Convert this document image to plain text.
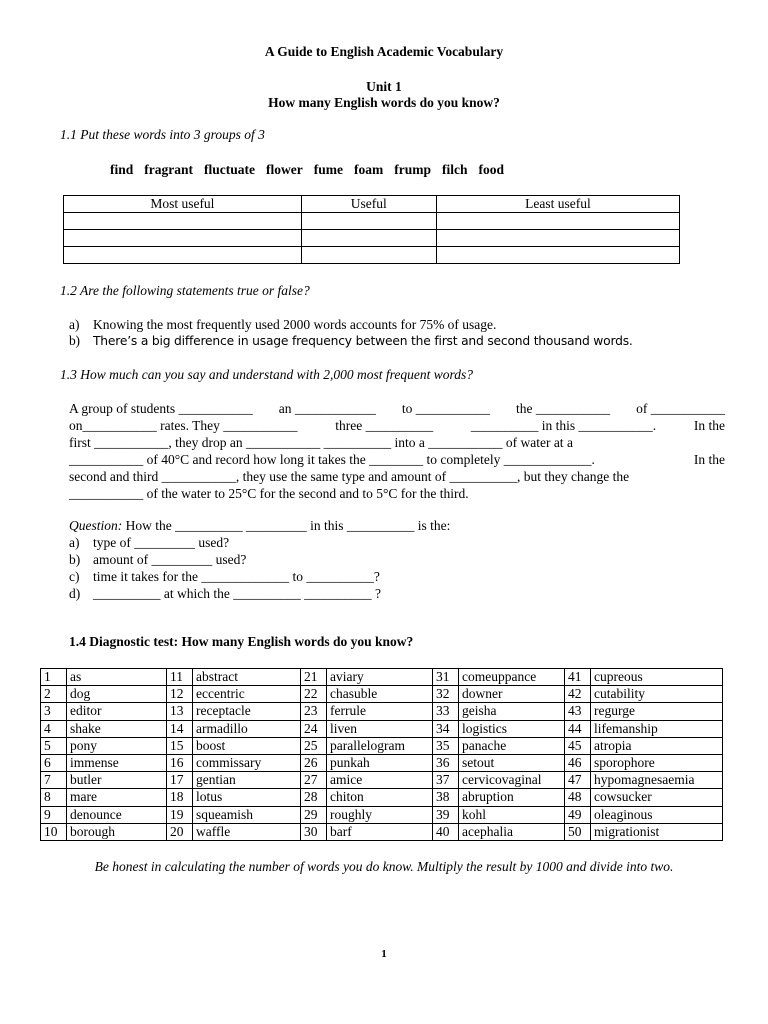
A Guide to English Academic Vocabulary
Unit 1
How many English words do you know?
1.1 Put these words into 3 groups of 3
find fragrant fluctuate flower fume foam frump filch food
Most useful	Useful	Least useful

1.2 Are the following statements true or false?
a) Knowing the most frequently used 2000 words accounts for 75% of usage.
b) There’s a big difference in usage frequency between the first and second thousand words.
1.3 How much can you say and understand with 2,000 most frequent words?
A group of students ___________ an ____________ to ___________ the ___________ of ___________
on___________ rates. They ___________	three __________	__________ in this ___________.	In the
first ___________, they drop an ___________ __________ into a ___________ of water at a
___________ of 40°C and record how long it takes the ________ to completely _____________.	In the
second and third ___________, they use the same type and amount of __________, but they change the
___________ of the water to 25°C for the second and to 5°C for the third.
Question: How the __________ _________ in this __________ is the:
a) type of _________ used?
b) amount of _________ used?
c) time it takes for the _____________ to __________?
d) __________ at which the __________ __________ ?
1.4 Diagnostic test: How many English words do you know?
1	as	11	abstract	21	aviary	31	comeuppance	41	cupreous
2	dog	12	eccentric	22	chasuble	32	downer	42	cutability
3	editor	13	receptacle	23	ferrule	33	geisha	43	regurge
4	shake	14	armadillo	24	liven	34	logistics	44	lifemanship
5	pony	15	boost	25	parallelogram	35	panache	45	atropia
6	immense	16	commissary	26	punkah	36	setout	46	sporophore
7	butler	17	gentian	27	amice	37	cervicovaginal	47	hypomagnesaemia
8	mare	18	lotus	28	chiton	38	abruption	48	cowsucker
9	denounce	19	squeamish	29	roughly	39	kohl	49	oleaginous
10	borough	20	waffle	30	barf	40	acephalia	50	migrationist
Be honest in calculating the number of words you do know. Multiply the result by 1000 and divide into two.
1
